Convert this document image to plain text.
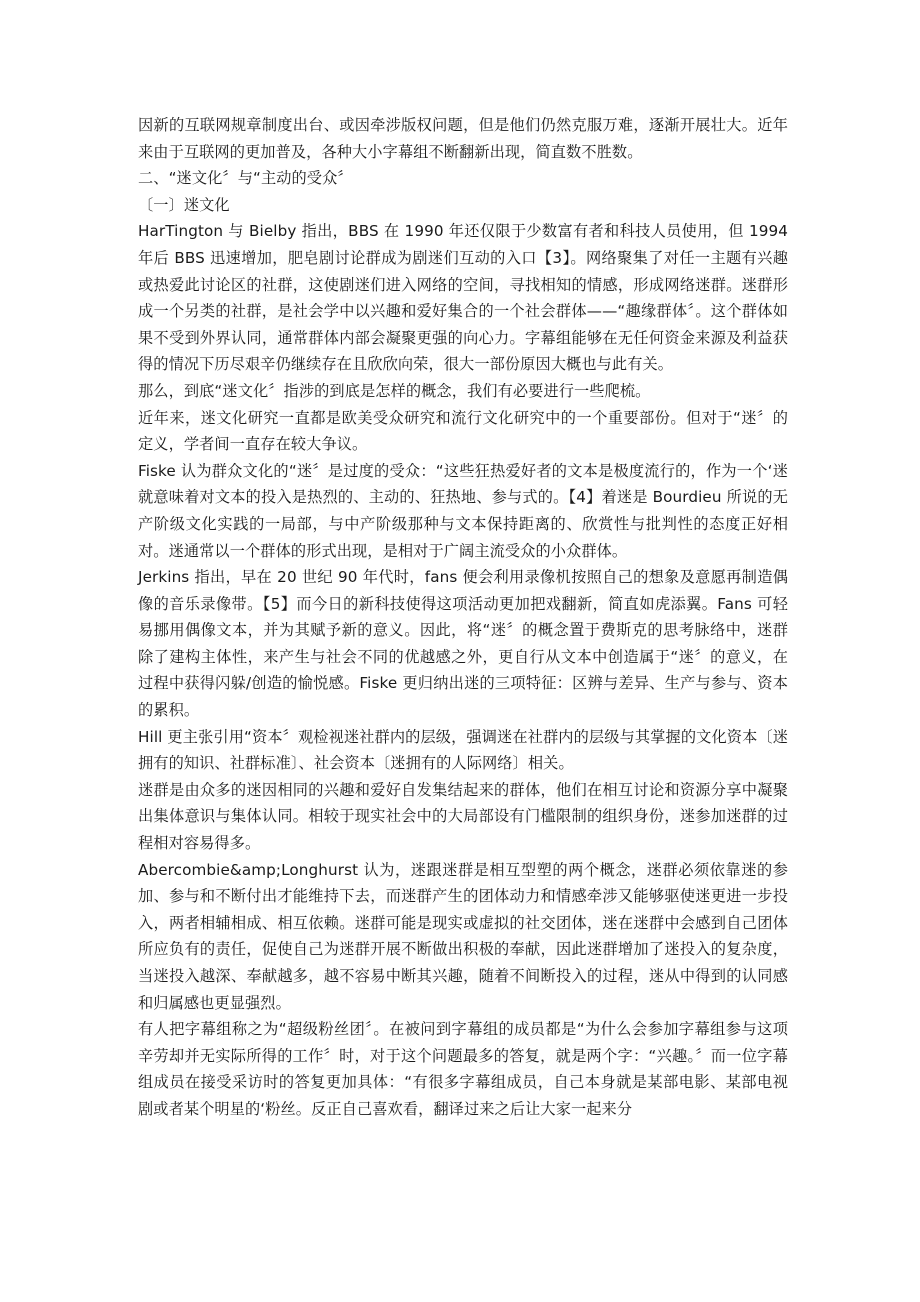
因新的互联网规章制度出台、或因牵涉版权问题，但是他们仍然克服万难，逐渐开展壮大。近年来由于互联网的更加普及，各种大小字幕组不断翻新出现，简直数不胜数。

二、“迷文化〞与“主动的受众〞

〔一〕迷文化

HarTington 与 Bielby 指出，BBS 在 1990 年还仅限于少数富有者和科技人员使用，但 1994 年后 BBS 迅速增加，肥皂剧讨论群成为剧迷们互动的入口【3】。网络聚集了对任一主题有兴趣或热爱此讨论区的社群，这使剧迷们进入网络的空间，寻找相知的情感，形成网络迷群。迷群形成一个另类的社群，是社会学中以兴趣和爱好集合的一个社会群体——“趣缘群体〞。这个群体如果不受到外界认同，通常群体内部会凝聚更强的向心力。字幕组能够在无任何资金来源及利益获得的情况下历尽艰辛仍继续存在且欣欣向荣，很大一部份原因大概也与此有关。

那么，到底“迷文化〞指涉的到底是怎样的概念，我们有必要进行一些爬梳。

近年来，迷文化研究一直都是欧美受众研究和流行文化研究中的一个重要部份。但对于“迷〞的定义，学者间一直存在较大争议。

Fiske 认为群众文化的“迷〞是过度的受众：“这些狂热爱好者的文本是极度流行的，作为一个‘迷就意味着对文本的投入是热烈的、主动的、狂热地、参与式的。【4】着迷是 Bourdieu 所说的无产阶级文化实践的一局部，与中产阶级那种与文本保持距离的、欣赏性与批判性的态度正好相对。迷通常以一个群体的形式出现，是相对于广阔主流受众的小众群体。

Jerkins 指出，早在 20 世纪 90 年代时，fans 便会利用录像机按照自己的想象及意愿再制造偶像的音乐录像带。【5】而今日的新科技使得这项活动更加把戏翻新，简直如虎添翼。Fans 可轻易挪用偶像文本，并为其赋予新的意义。因此，将“迷〞的概念置于费斯克的思考脉络中，迷群除了建构主体性，来产生与社会不同的优越感之外，更自行从文本中创造属于“迷〞的意义，在过程中获得闪躲/创造的愉悦感。Fiske 更归纳出迷的三项特征：区辨与差异、生产与参与、资本的累积。

Hill 更主张引用“资本〞观检视迷社群内的层级，强调迷在社群内的层级与其掌握的文化资本〔迷拥有的知识、社群标准〕、社会资本〔迷拥有的人际网络〕相关。

迷群是由众多的迷因相同的兴趣和爱好自发集结起来的群体，他们在相互讨论和资源分享中凝聚出集体意识与集体认同。相较于现实社会中的大局部设有门槛限制的组织身份，迷参加迷群的过程相对容易得多。

Abercombie&amp;Longhurst 认为，迷跟迷群是相互型塑的两个概念，迷群必须依靠迷的参加、参与和不断付出才能维持下去，而迷群产生的团体动力和情感牵涉又能够驱使迷更进一步投入，两者相辅相成、相互依赖。迷群可能是现实或虚拟的社交团体，迷在迷群中会感到自己团体所应负有的责任，促使自己为迷群开展不断做出积极的奉献，因此迷群增加了迷投入的复杂度，当迷投入越深、奉献越多，越不容易中断其兴趣，随着不间断投入的过程，迷从中得到的认同感和归属感也更显强烈。

有人把字幕组称之为“超级粉丝团〞。在被问到字幕组的成员都是“为什么会参加字幕组参与这项辛劳却并无实际所得的工作〞时，对于这个问题最多的答复，就是两个字：“兴趣。〞而一位字幕组成员在接受采访时的答复更加具体：“有很多字幕组成员，自己本身就是某部电影、某部电视剧或者某个明星的‘粉丝。反正自己喜欢看，翻译过来之后让大家一起来分
